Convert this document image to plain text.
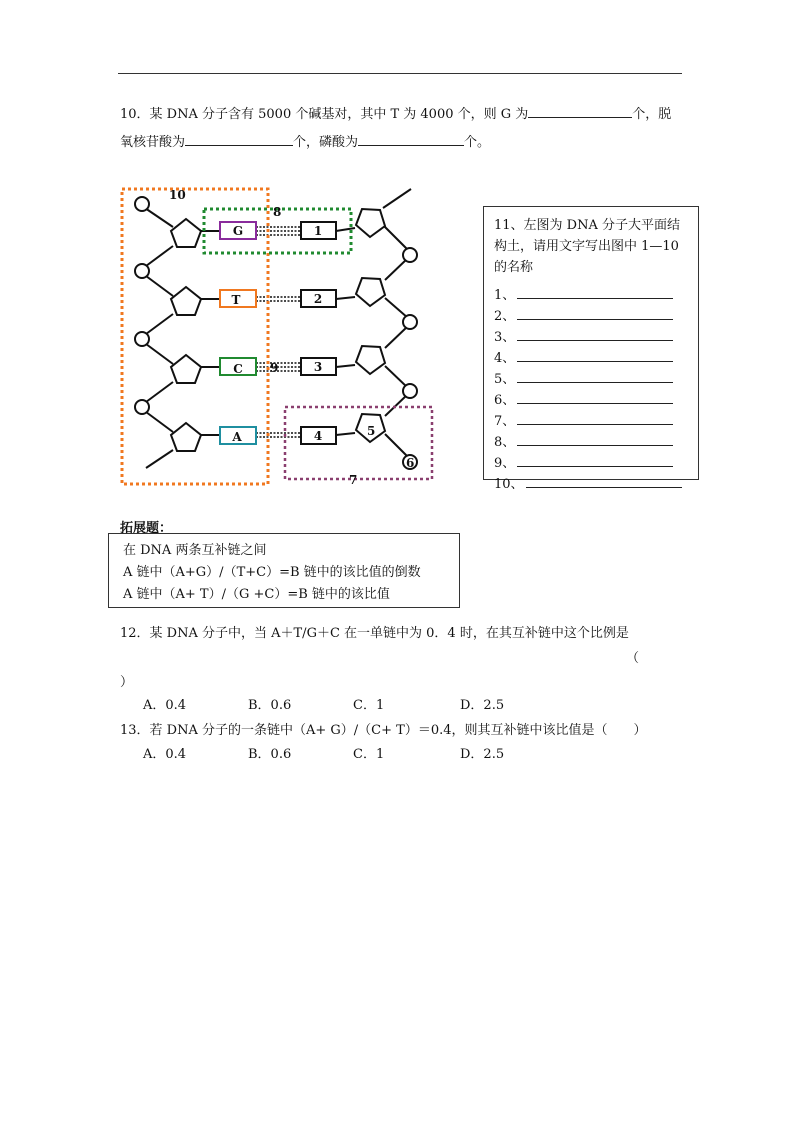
10．某 DNA 分子含有 5000 个碱基对，其中 T 为 4000 个，则 G 为	个，脱
氧核苷酸为	个，磷酸为	个。
G
T
C
A
1
2
3
4
10
8
9
5
6
7
11、左图为 DNA 分子大平面结构土，请用文字写出图中 1—10 的名称
1、
2、
3、
4、
5、
6、
7、
8、
9、
10、
拓展题：
在 DNA 两条互补链之间
A 链中（A+G）/（T+C）=B 链中的该比值的倒数
A 链中（A+ T）/（G +C）=B 链中的该比值
12．某 DNA 分子中，当 A＋T/G＋C 在一单链中为 0．4 时，在其互补链中这个比例是
（
）
A．0.4	B．0.6	C．1	D．2.5
13．若 DNA 分子的一条链中（A+ G）/（C+ T）＝0.4，则其互补链中该比值是（　　）
A．0.4	B．0.6	C．1	D．2.5
